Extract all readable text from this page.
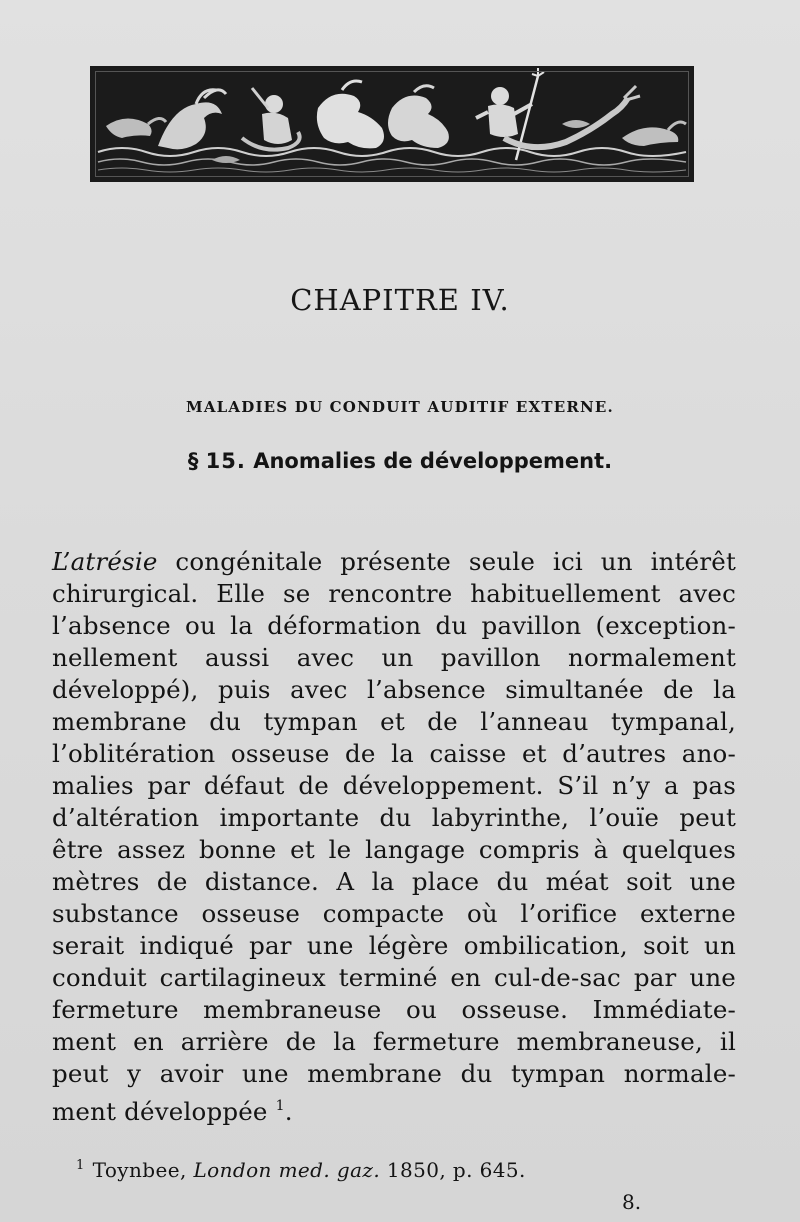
CHAPITRE IV.
MALADIES DU CONDUIT AUDITIF EXTERNE.
§ 15. Anomalies de développement.
L’atrésie congénitale présente seule ici un intérêt
chirurgical. Elle se rencontre habituellement avec
l’absence ou la déformation du pavillon (exception-
nellement aussi avec un pavillon normalement
développé), puis avec l’absence simultanée de la
membrane du tympan et de l’anneau tympanal,
l’oblitération osseuse de la caisse et d’autres ano-
malies par défaut de développement. S’il n’y a pas
d’altération importante du labyrinthe, l’ouïe peut
être assez bonne et le langage compris à quelques
mètres de distance. A la place du méat soit une
substance osseuse compacte où l’orifice externe
serait indiqué par une légère ombilication, soit un
conduit cartilagineux terminé en cul-de-sac par une
fermeture membraneuse ou osseuse. Immédiate-
ment en arrière de la fermeture membraneuse, il
peut y avoir une membrane du tympan normale-
ment développée $^1$.
$^1$ Toynbee, London med. gaz. 1850, p. 645.
8.
